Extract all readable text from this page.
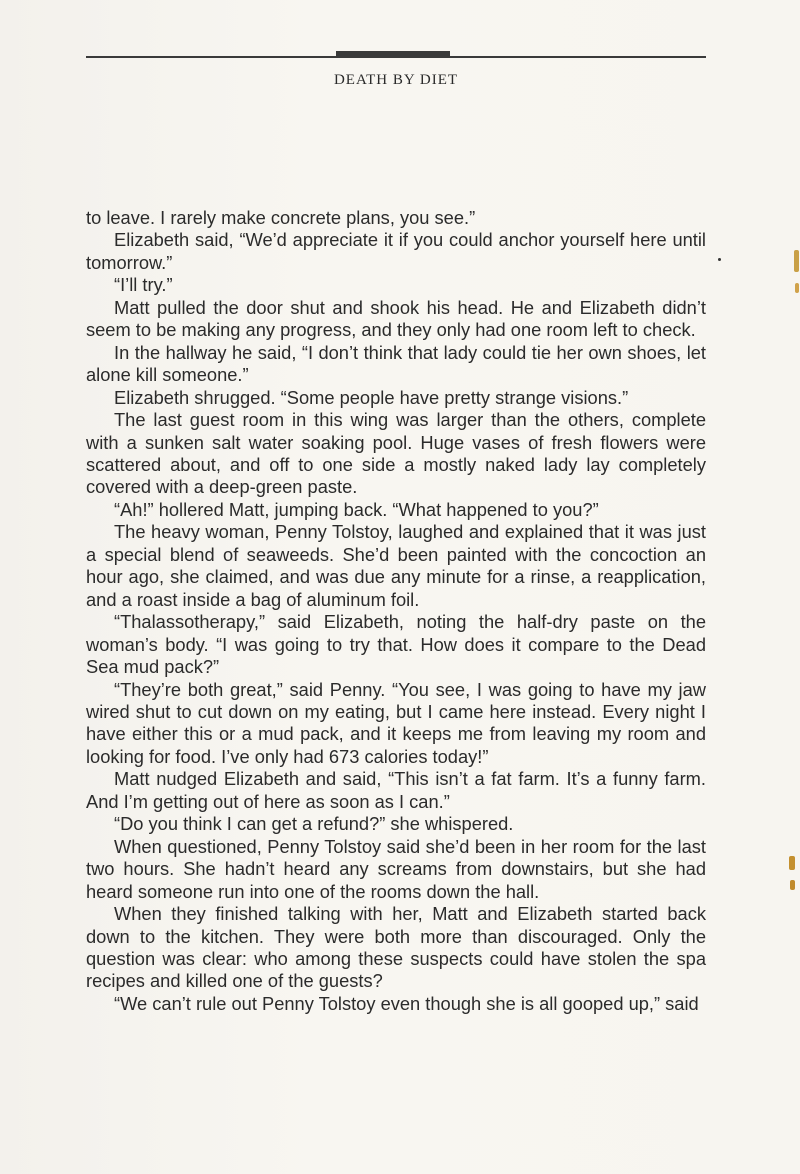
DEATH BY DIET

to leave. I rarely make concrete plans, you see.”

Elizabeth said, “We’d appreciate it if you could anchor yourself here until tomorrow.”

“I’ll try.”

Matt pulled the door shut and shook his head. He and Elizabeth didn’t seem to be making any progress, and they only had one room left to check.

In the hallway he said, “I don’t think that lady could tie her own shoes, let alone kill someone.”

Elizabeth shrugged. “Some people have pretty strange visions.”

The last guest room in this wing was larger than the others, complete with a sunken salt water soaking pool. Huge vases of fresh flowers were scattered about, and off to one side a mostly naked lady lay completely covered with a deep-green paste.

“Ah!” hollered Matt, jumping back. “What happened to you?”

The heavy woman, Penny Tolstoy, laughed and explained that it was just a special blend of seaweeds. She’d been painted with the concoction an hour ago, she claimed, and was due any minute for a rinse, a reapplication, and a roast inside a bag of aluminum foil.

“Thalassotherapy,” said Elizabeth, noting the half-dry paste on the woman’s body. “I was going to try that. How does it compare to the Dead Sea mud pack?”

“They’re both great,” said Penny. “You see, I was going to have my jaw wired shut to cut down on my eating, but I came here instead. Every night I have either this or a mud pack, and it keeps me from leaving my room and looking for food. I’ve only had 673 calories today!”

Matt nudged Elizabeth and said, “This isn’t a fat farm. It’s a funny farm. And I’m getting out of here as soon as I can.”

“Do you think I can get a refund?” she whispered.

When questioned, Penny Tolstoy said she’d been in her room for the last two hours. She hadn’t heard any screams from downstairs, but she had heard someone run into one of the rooms down the hall.

When they finished talking with her, Matt and Elizabeth started back down to the kitchen. They were both more than discouraged. Only the question was clear: who among these suspects could have stolen the spa recipes and killed one of the guests?

“We can’t rule out Penny Tolstoy even though she is all gooped up,” said
